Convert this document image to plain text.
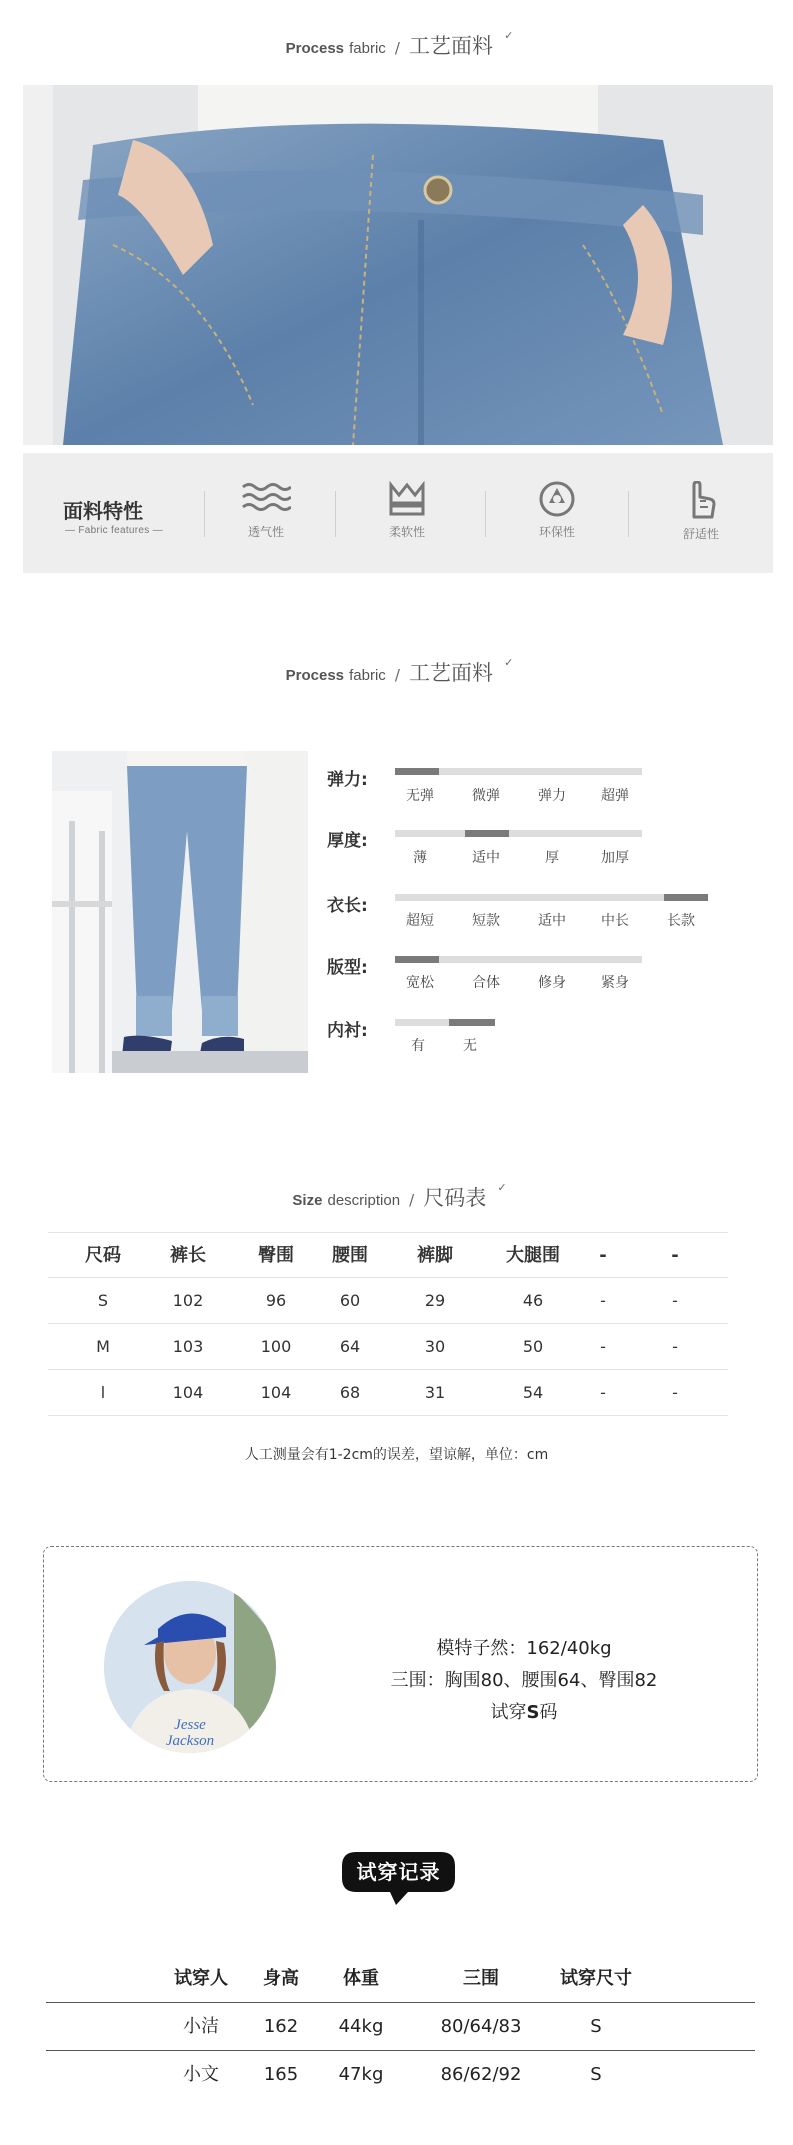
Process fabric / 工艺面料 ✓
面料特性
— Fabric features —	透气性	柔软性	环保性	舒适性
Process fabric / 工艺面料 ✓
弹力:
无弹	微弹	弹力	超弹
厚度:
薄	适中	厚	加厚
衣长:
超短	短款	适中	中长	长款
版型:
宽松	合体	修身	紧身
内衬:
有	无
Size description / 尺码表 ✓
尺码	裤长	臀围	腰围	裤脚	大腿围	-	-
S	102	96	60	29	46	-	-
M	103	100	64	30	50	-	-
l	104	104	68	31	54	-	-
人工测量会有1-2cm的误差，望谅解，单位：cm
Jesse
Jackson
模特子然：162/40kg
三围：胸围80、腰围64、臀围82
试穿S码
试穿记录
试穿人	身高	体重	三围	试穿尺寸
小洁	162	44kg	80/64/83	S
小文	165	47kg	86/62/92	S
